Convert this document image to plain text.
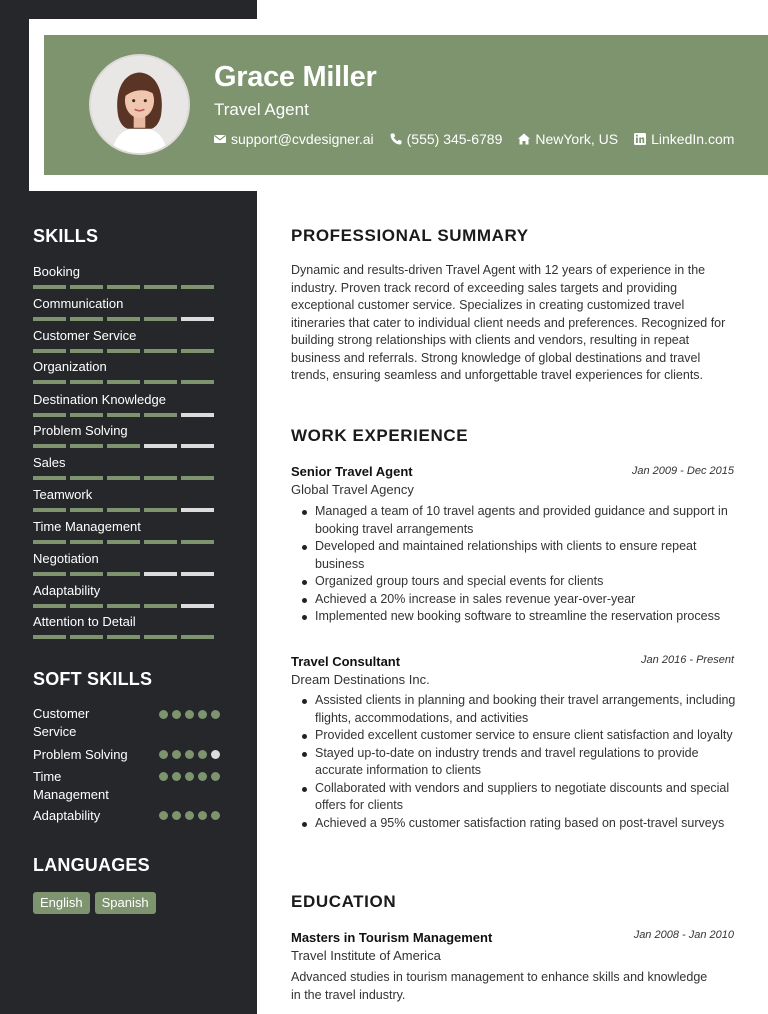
Grace Miller
Travel Agent
support@cvdesigner.ai (555) 345-6789 NewYork, US LinkedIn.com
SKILLS
Booking
Communication
Customer Service
Organization
Destination Knowledge
Problem Solving
Sales
Teamwork
Time Management
Negotiation
Adaptability
Attention to Detail
SOFT SKILLS
Customer Service
Problem Solving
Time Management
Adaptability
LANGUAGES
English	Spanish
PROFESSIONAL SUMMARY
Dynamic and results-driven Travel Agent with 12 years of experience in the industry. Proven track record of exceeding sales targets and providing exceptional customer service. Specializes in creating customized travel itineraries that cater to individual client needs and preferences. Recognized for building strong relationships with clients and vendors, resulting in repeat business and referrals. Strong knowledge of global destinations and travel trends, ensuring seamless and unforgettable travel experiences for clients.
WORK EXPERIENCE
Senior Travel Agent	Jan 2009 - Dec 2015
Global Travel Agency
Managed a team of 10 travel agents and provided guidance and support in booking travel arrangements
Developed and maintained relationships with clients to ensure repeat business
Organized group tours and special events for clients
Achieved a 20% increase in sales revenue year-over-year
Implemented new booking software to streamline the reservation process
Travel Consultant	Jan 2016 - Present
Dream Destinations Inc.
Assisted clients in planning and booking their travel arrangements, including flights, accommodations, and activities
Provided excellent customer service to ensure client satisfaction and loyalty
Stayed up-to-date on industry trends and travel regulations to provide accurate information to clients
Collaborated with vendors and suppliers to negotiate discounts and special offers for clients
Achieved a 95% customer satisfaction rating based on post-travel surveys
EDUCATION
Masters in Tourism Management	Jan 2008 - Jan 2010
Travel Institute of America
Advanced studies in tourism management to enhance skills and knowledge in the travel industry.
